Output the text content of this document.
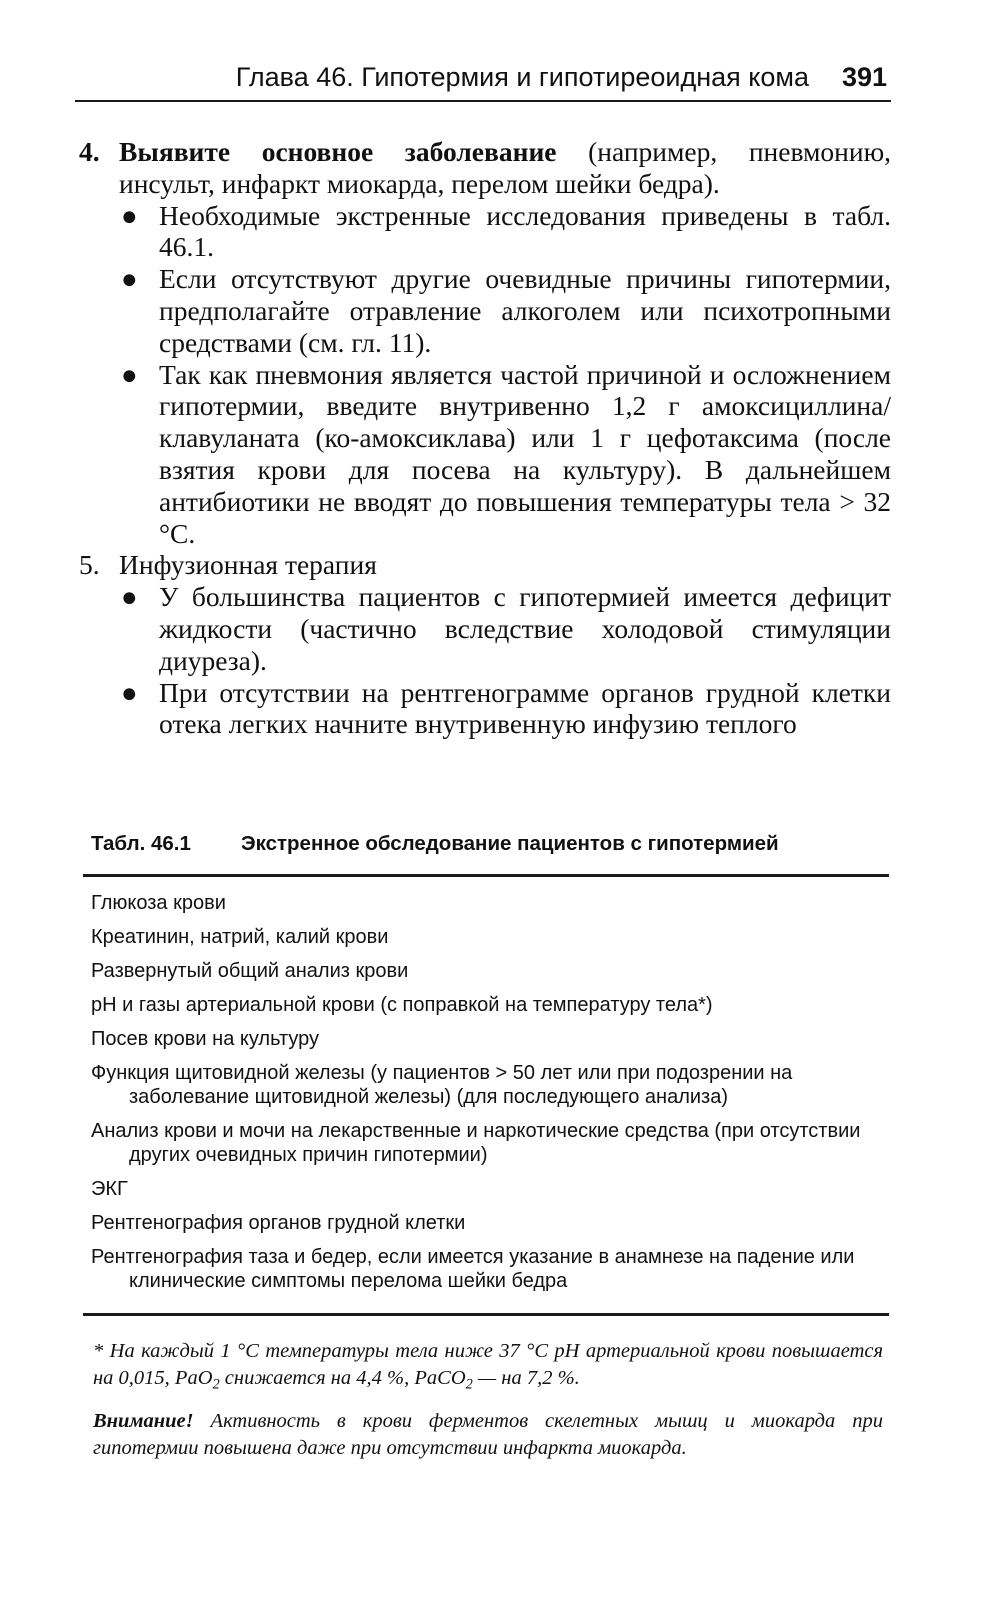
Глава 46. Гипотермия и гипотиреоидная кома 391
4. Выявите основное заболевание (например, пневмонию, инсульт, инфаркт миокарда, перелом шейки бедра).
● Необходимые экстренные исследования приведены в табл. 46.1.
● Если отсутствуют другие очевидные причины гипотермии, предполагайте отравление алкоголем или психотропными средствами (см. гл. 11).
● Так как пневмония является частой причиной и осложнением гипотермии, введите внутривенно 1,2 г амоксициллина/клавуланата (ко-амоксиклава) или 1 г цефотаксима (после взятия крови для посева на культуру). В дальнейшем антибиотики не вводят до повышения температуры тела > 32 °С.
5. Инфузионная терапия
● У большинства пациентов с гипотермией имеется дефицит жидкости (частично вследствие холодовой стимуляции диуреза).
● При отсутствии на рентгенограмме органов грудной клетки отека легких начните внутривенную инфузию теплого
Табл. 46.1 Экстренное обследование пациентов с гипотермией
Глюкоза крови
Креатинин, натрий, калий крови
Развернутый общий анализ крови
pH и газы артериальной крови (с поправкой на температуру тела*)
Посев крови на культуру
Функция щитовидной железы (у пациентов > 50 лет или при подозрении на заболевание щитовидной железы) (для последующего анализа)
Анализ крови и мочи на лекарственные и наркотические средства (при отсутствии других очевидных причин гипотермии)
ЭКГ
Рентгенография органов грудной клетки
Рентгенография таза и бедер, если имеется указание в анамнезе на падение или клинические симптомы перелома шейки бедра

* На каждый 1 °С температуры тела ниже 37 °С pH артериальной крови повышается на 0,015, PaO$_2$ снижается на 4,4 %, PaCO$_2$ — на 7,2 %.

Внимание! Активность в крови ферментов скелетных мышц и миокарда при гипотермии повышена даже при отсутствии инфаркта миокарда.
